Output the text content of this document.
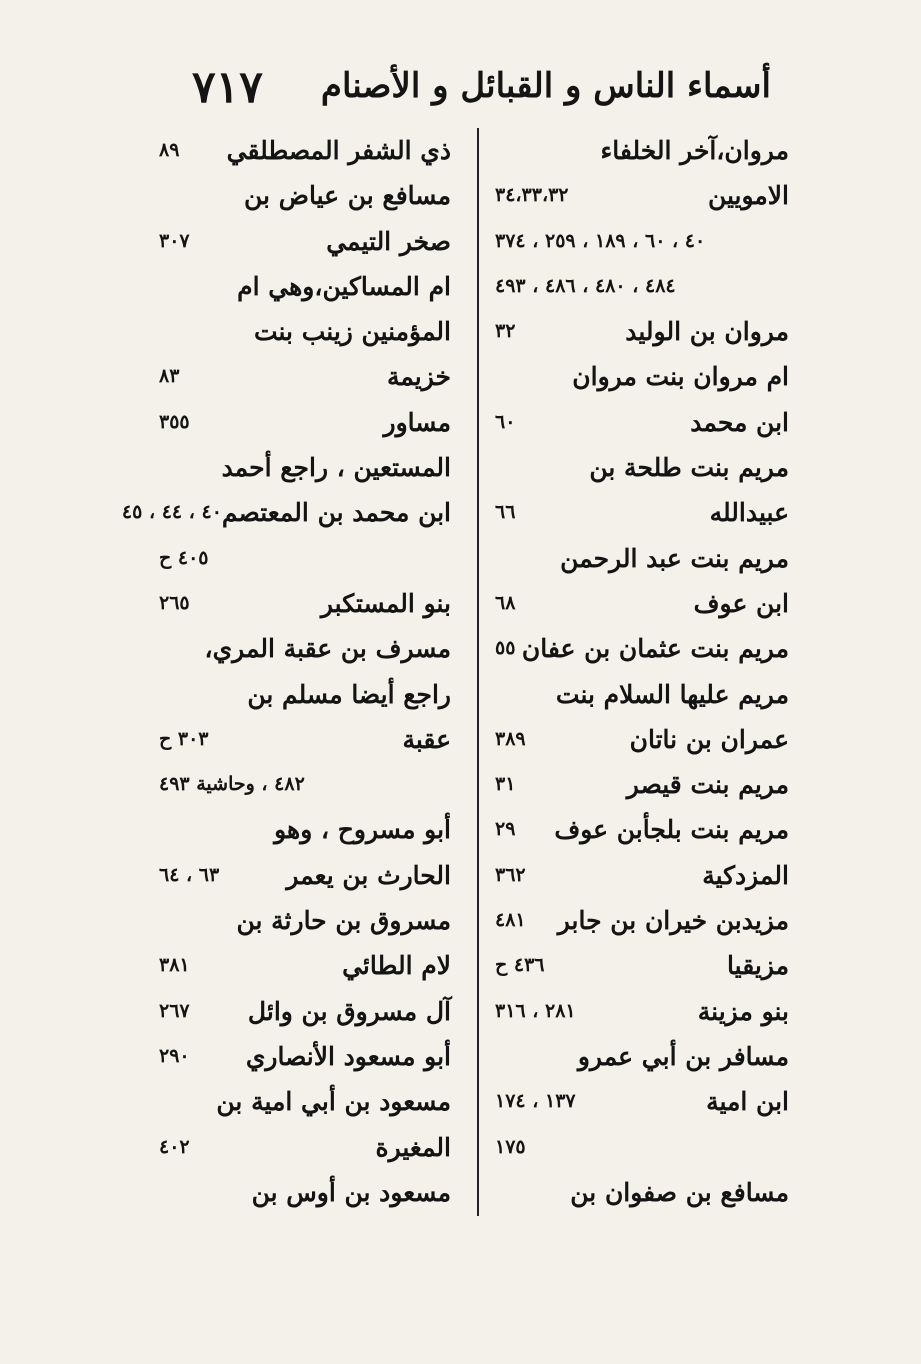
٧١٧ أسماء الناس و القبائل و الأصنام
مروان،آخر الخلفاء
الامويين
٣٤،٣٣،٣٢
٤٠ ، ٦٠ ، ١٨٩ ، ٢٥٩ ، ٣٧٤
٤٨٤ ، ٤٨٠ ، ٤٨٦ ، ٤٩٣
مروان بن الوليد
٣٢
ام مروان بنت مروان
ابن محمد
٦٠
مريم بنت طلحة بن
عبيدالله
٦٦
مريم بنت عبد الرحمن
ابن عوف
٦٨
مريم بنت عثمان بن عفان
٥٥
مريم عليها السلام بنت
عمران بن ناتان
٣٨٩
مريم بنت قيصر
٣١
مريم بنت بلجأبن عوف
٢٩
المزدكية
٣٦٢
مزيدبن خيران بن جابر
٤٨١
مزيقيا
٤٣٦ ح
بنو مزينة
٢٨١ ، ٣١٦
مسافر بن أبي عمرو
ابن امية
١٣٧ ، ١٧٤
١٧٥
مسافع بن صفوان بن
ذي الشفر المصطلقي
٨٩
مسافع بن عياض بن
صخر التيمي
٣٠٧
ام المساكين،وهي ام
المؤمنين زينب بنت
خزيمة
٨٣
مساور
٣٥٥
المستعين ، راجع أحمد
ابن محمد بن المعتصم
٤٠ ، ٤٤ ، ٤٥
٤٠٥ ح
بنو المستكبر
٢٦٥
مسرف بن عقبة المري،
راجع أيضا مسلم بن
عقبة
٣٠٣ ح
٤٨٢ ، وحاشية ٤٩٣
أبو مسروح ، وهو
الحارث بن يعمر
٦٣ ، ٦٤
مسروق بن حارثة بن
لام الطائي
٣٨١
آل مسروق بن وائل
٢٦٧
أبو مسعود الأنصاري
٢٩٠
مسعود بن أبي امية بن
المغيرة
٤٠٢
مسعود بن أوس بن
